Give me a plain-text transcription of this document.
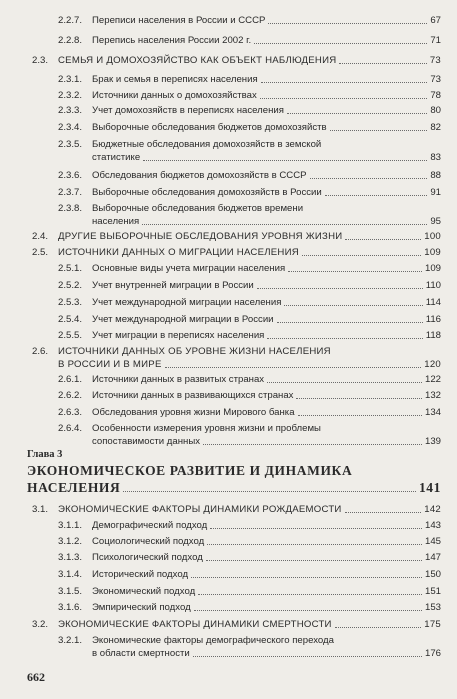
2.2.7. Переписи населения в России и СССР	67
2.2.8. Перепись населения России 2002 г.	71
2.3. СЕМЬЯ И ДОМОХОЗЯЙСТВО КАК ОБЪЕКТ НАБЛЮДЕНИЯ	73
2.3.1. Брак и семья в переписях населения	73
2.3.2. Источники данных о домохозяйствах	78
2.3.3. Учет домохозяйств в переписях населения	80
2.3.4. Выборочные обследования бюджетов домохозяйств	82
2.3.5. Бюджетные обследования домохозяйств в земской
статистике	83
2.3.6. Обследования бюджетов домохозяйств в СССР	88
2.3.7. Выборочные обследования домохозяйств в России	91
2.3.8. Выборочные обследования бюджетов времени
населения	95
2.4. ДРУГИЕ ВЫБОРОЧНЫЕ ОБСЛЕДОВАНИЯ УРОВНЯ ЖИЗНИ	100
2.5. ИСТОЧНИКИ ДАННЫХ О МИГРАЦИИ НАСЕЛЕНИЯ	109
2.5.1. Основные виды учета миграции населения	109
2.5.2. Учет внутренней миграции в России	110
2.5.3. Учет международной миграции населения	114
2.5.4. Учет международной миграции в России	116
2.5.5. Учет миграции в переписях населения	118
2.6. ИСТОЧНИКИ ДАННЫХ ОБ УРОВНЕ ЖИЗНИ НАСЕЛЕНИЯ
В РОССИИ И В МИРЕ	120
2.6.1. Источники данных в развитых странах	122
2.6.2. Источники данных в развивающихся странах	132
2.6.3. Обследования уровня жизни Мирового банка	134
2.6.4. Особенности измерения уровня жизни и проблемы
сопоставимости данных	139
Глава 3
ЭКОНОМИЧЕСКОЕ РАЗВИТИЕ И ДИНАМИКА
НАСЕЛЕНИЯ	141
3.1. ЭКОНОМИЧЕСКИЕ ФАКТОРЫ ДИНАМИКИ РОЖДАЕМОСТИ	142
3.1.1. Демографический подход	143
3.1.2. Социологический подход	145
3.1.3. Психологический подход	147
3.1.4. Исторический подход	150
3.1.5. Экономический подход	151
3.1.6. Эмпирический подход	153
3.2. ЭКОНОМИЧЕСКИЕ ФАКТОРЫ ДИНАМИКИ СМЕРТНОСТИ	175
3.2.1. Экономические факторы демографического перехода
в области смертности	176
662
